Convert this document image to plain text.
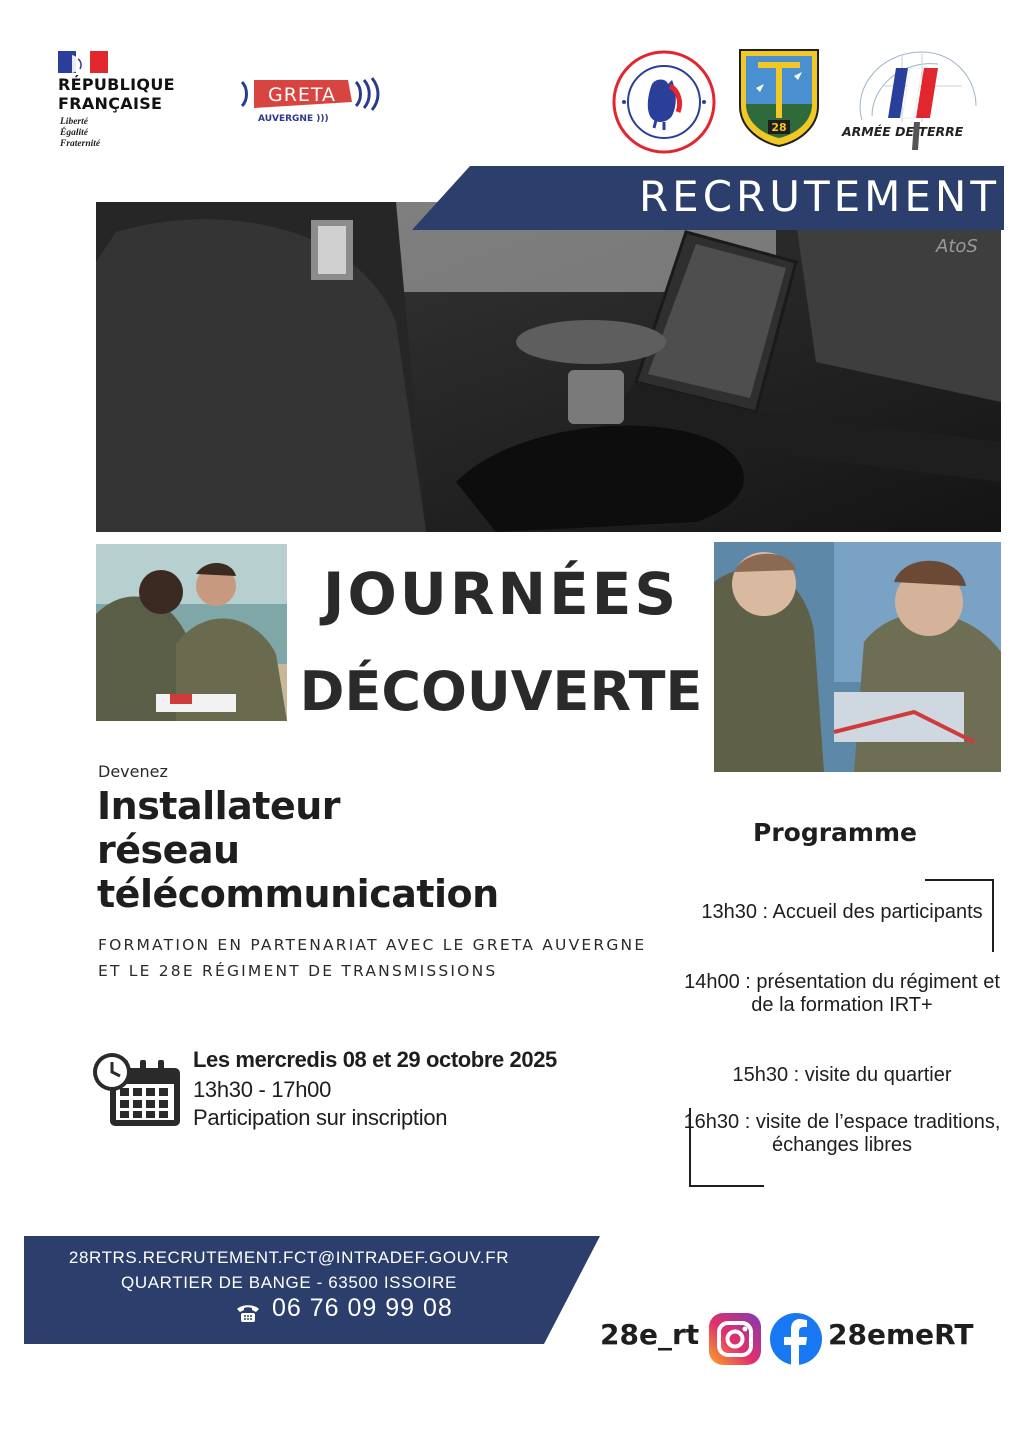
RÉPUBLIQUE
FRANÇAISE
Liberté
Égalité
Fraternité
GRETA
AUVERGNE )))
28	ARMÉE DE TERRE
AtoS
RECRUTEMENT
JOURNÉES
DÉCOUVERTE
Devenez
Installateur
réseau
télécommunication
FORMATION EN PARTENARIAT AVEC LE GRETA AUVERGNE ET LE 28E RÉGIMENT DE TRANSMISSIONS
Les mercredis 08 et 29 octobre 2025
13h30 - 17h00
Participation sur inscription
Programme
13h30 : Accueil des participants
14h00 : présentation du régiment et de la formation IRT+
15h30 : visite du quartier
16h30 : visite de l’espace traditions, échanges libres
28RTRS.RECRUTEMENT.FCT@INTRADEF.GOUV.FR
QUARTIER DE BANGE - 63500 ISSOIRE
06 76 09 99 08
28e_rt	28emeRT
